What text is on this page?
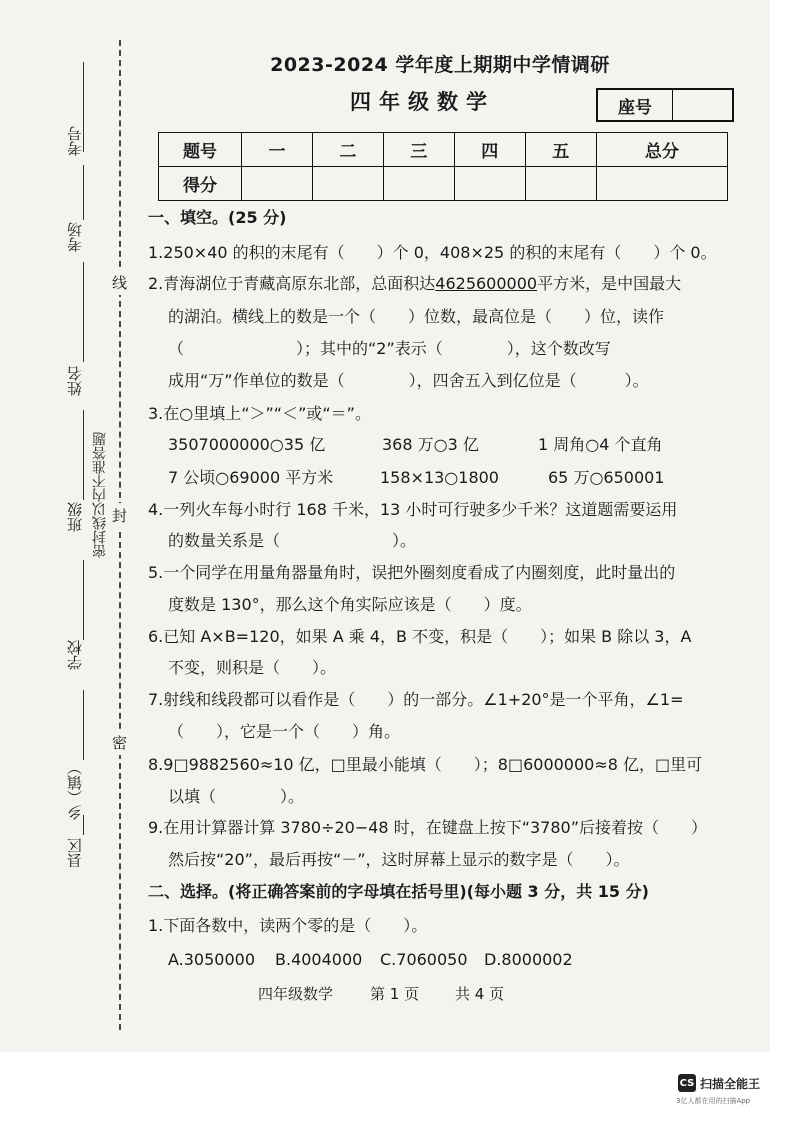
考号
考场
姓名
班级
学校
乡（镇）
县区
密封线以内不准答题
线
封
密
2023-2024 学年度上期期中学情调研
四年级数学	座号
题号	一	二	三	四	五	总分
得分						
一、填空。(25 分)
1.250×40 的积的末尾有（　　）个 0，408×25 的积的末尾有（　　）个 0。
2.青海湖位于青藏高原东北部，总面积达4625600000平方米，是中国最大
的湖泊。横线上的数是一个（　　）位数，最高位是（　　）位，读作
（　　　　　　　）；其中的“2”表示（　　　　），这个数改写
成用“万”作单位的数是（　　　　），四舍五入到亿位是（　　　）。
3.在○里填上“＞”“＜”或“＝”。
3507000000○35 亿	368 万○3 亿	1 周角○4 个直角
7 公顷○69000 平方米	158×13○1800	65 万○650001
4.一列火车每小时行 168 千米，13 小时可行驶多少千米？这道题需要运用
的数量关系是（　　　　　　　）。
5.一个同学在用量角器量角时，误把外圈刻度看成了内圈刻度，此时量出的
度数是 130°，那么这个角实际应该是（　　）度。
6.已知 A×B=120，如果 A 乘 4，B 不变，积是（　　）；如果 B 除以 3，A
不变，则积是（　　）。
7.射线和线段都可以看作是（　　）的一部分。∠1+20°是一个平角，∠1=
（　　），它是一个（　　）角。
8.9□9882560≈10 亿，□里最小能填（　　）；8□6000000≈8 亿，□里可
以填（　　　　）。
9.在用计算器计算 3780÷20−48 时，在键盘上按下“3780”后接着按（　　）
然后按“20”，最后再按“－”，这时屏幕上显示的数字是（　　）。
二、选择。(将正确答案前的字母填在括号里)(每小题 3 分，共 15 分)
1.下面各数中，读两个零的是（　　）。
A.3050000 B.4004000 C.7060050 D.8000002
四年级数学 第 1 页 共 4 页
CS 扫描全能王
3亿人都在用的扫描App
